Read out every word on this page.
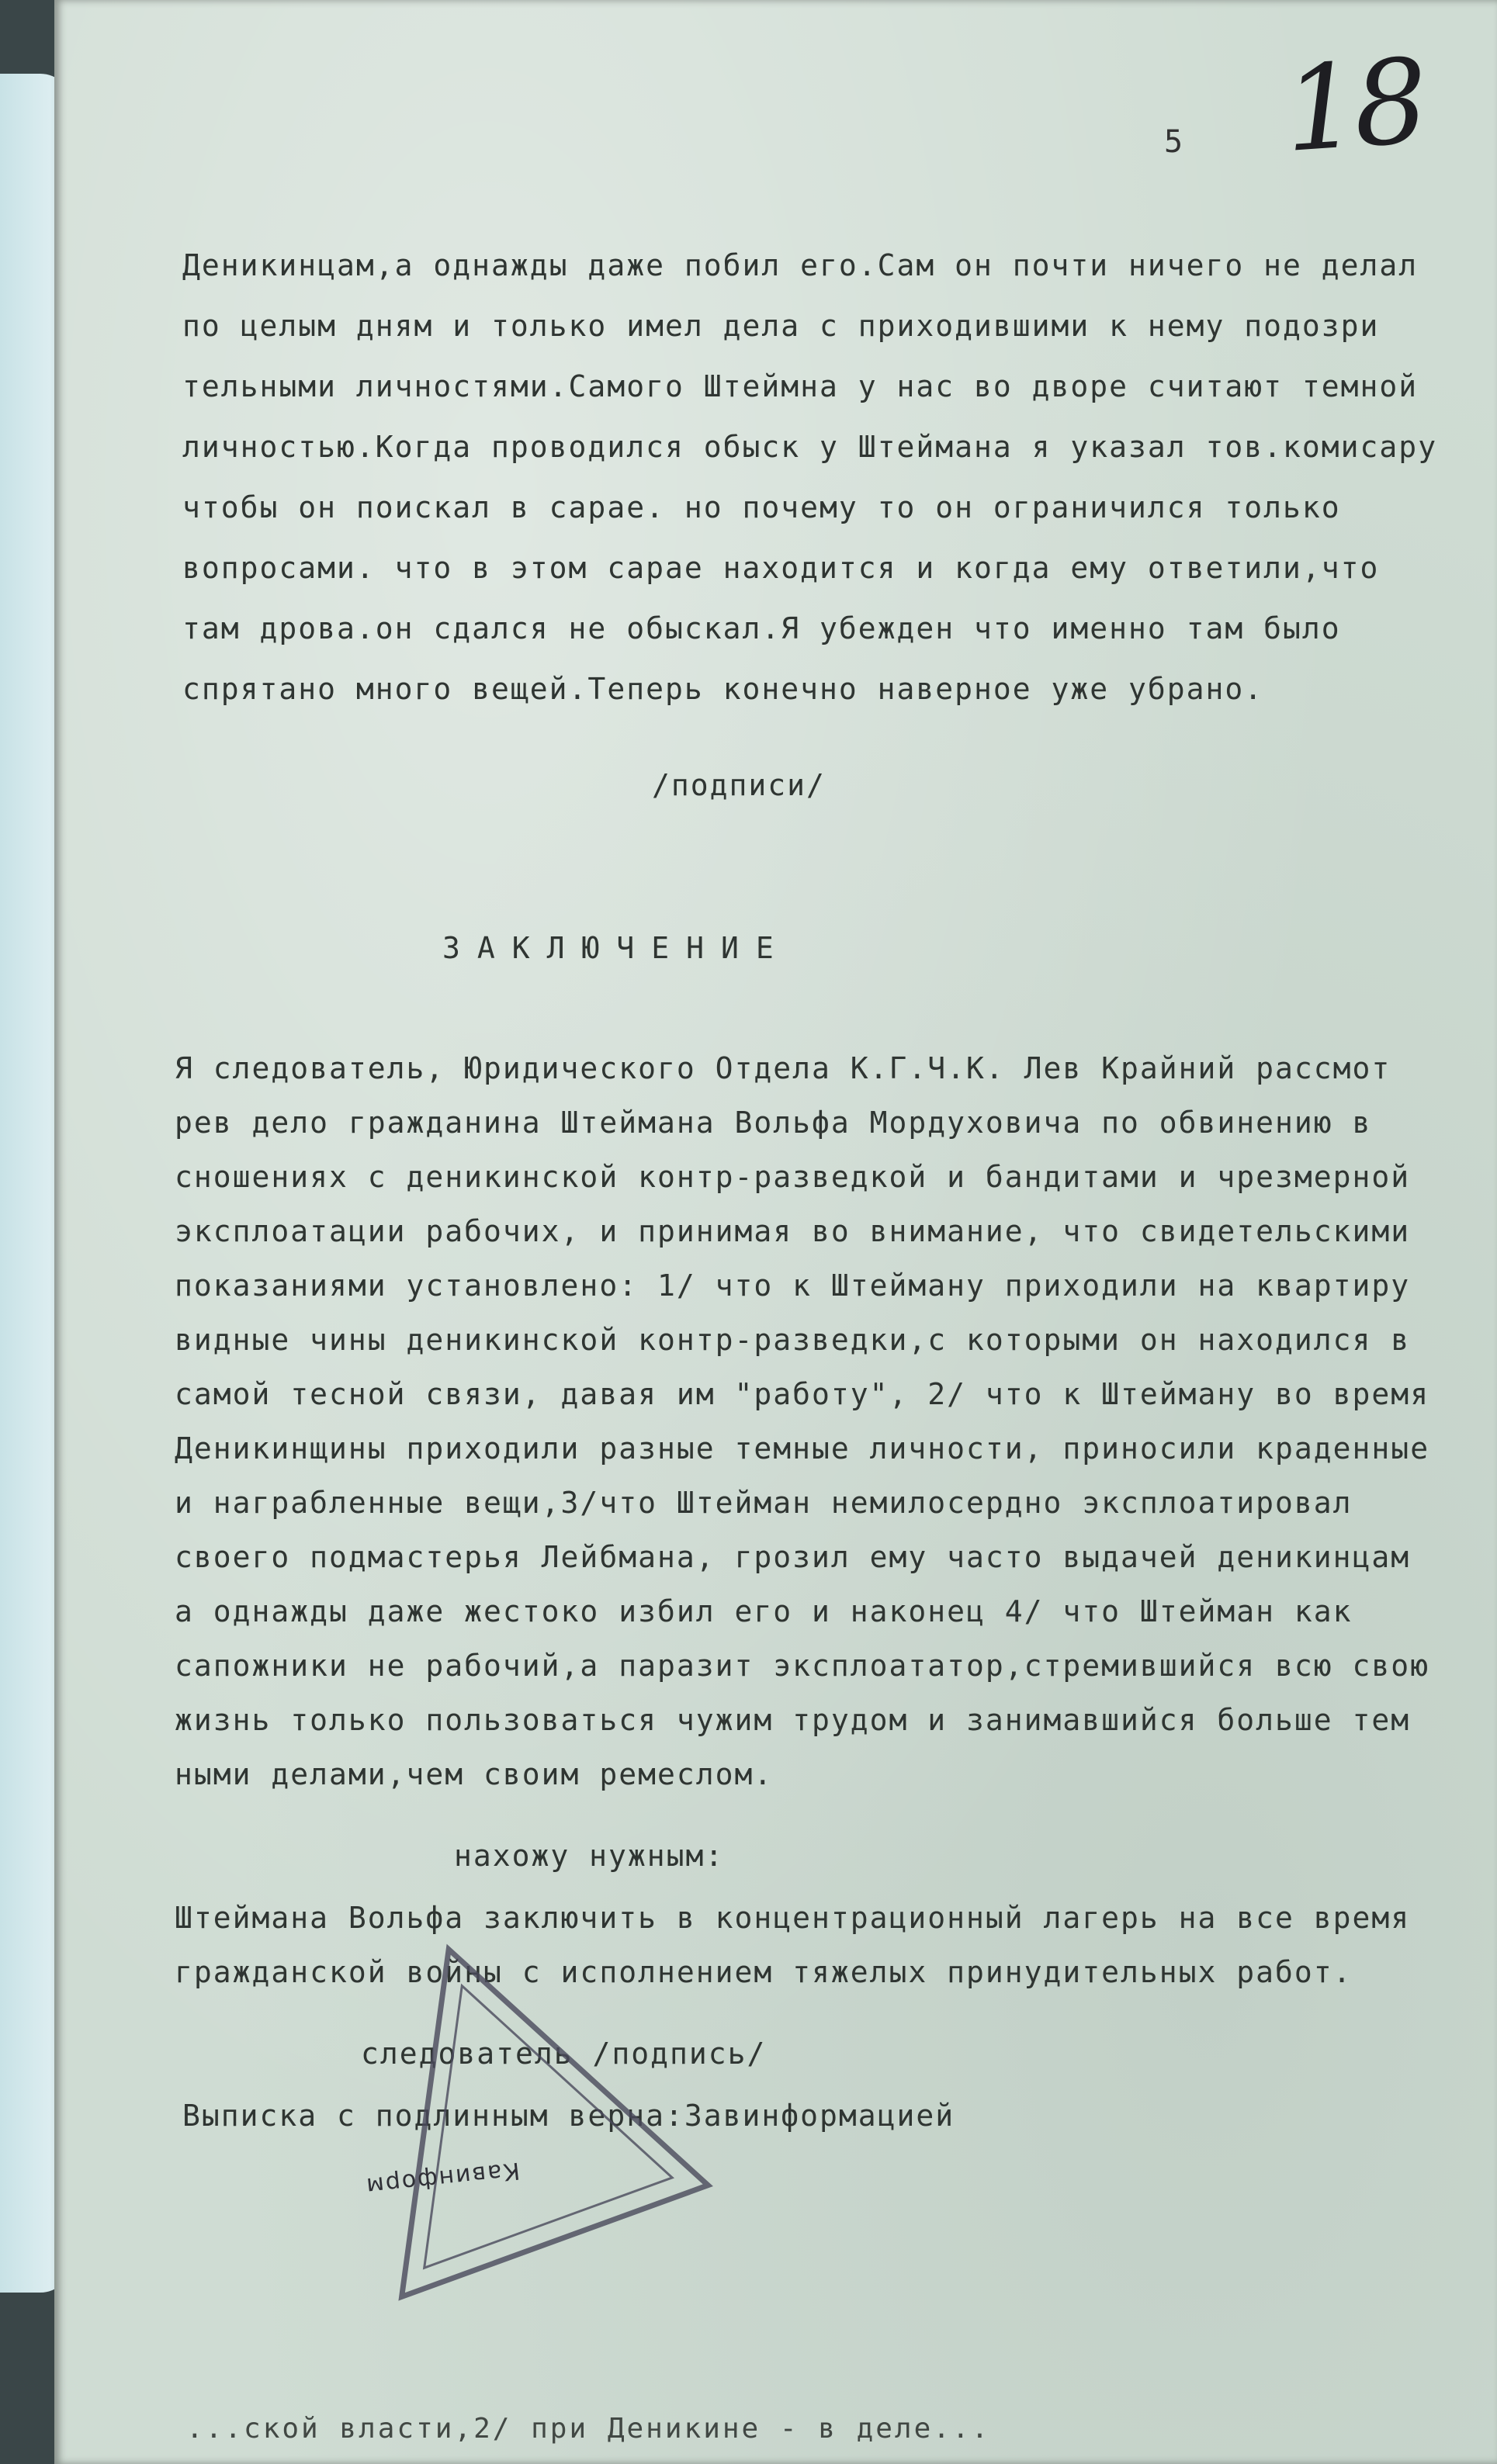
5 18
Деникинцам,а однажды даже побил его.Сам он почти ничего не делал
по целым дням и только имел дела с приходившими к нему подозри
тельными личностями.Самого Штеймна у нас во дворе считают темной
личностью.Когда проводился обыск у Штеймана я указал тов.комисару
чтобы он поискал в сарае. но почему то он ограничился только
вопросами. что в этом сарае находится и когда ему ответили,что
там дрова.он сдался не обыскал.Я убежден что именно там было
спрятано много вещей.Теперь конечно наверное уже убрано.
/подписи/
ЗАКЛЮЧЕНИЕ
Я следователь, Юридического Отдела К.Г.Ч.К. Лев Крайний рассмот
рев дело гражданина Штеймана Вольфа Мордуховича по обвинению в
сношениях с деникинской контр-разведкой и бандитами и чрезмерной
эксплоатации рабочих, и принимая во внимание, что свидетельскими
показаниями установлено: 1/ что к Штейману приходили на квартиру
видные чины деникинской контр-разведки,с которыми он находился в
самой тесной связи, давая им "работу", 2/ что к Штейману во время
Деникинщины приходили разные темные личности, приносили краденные
и награбленные вещи,3/что Штейман немилосердно эксплоатировал
своего подмастерья Лейбмана, грозил ему часто выдачей деникинцам
а однажды даже жестоко избил его и наконец 4/ что Штейман как
сапожники не рабочий,а паразит эксплоататор,стремившийся всю свою
жизнь только пользоваться чужим трудом и занимавшийся больше тем
ными делами,чем своим ремеслом.
нахожу нужным:
Штеймана Вольфа заключить в концентрационный лагерь на все время
гражданской войны с исполнением тяжелых принудительных работ.
следователь /подпись/
Выписка с подлинным верна:Завинформацией
Кавинформ
...ской власти,2/ при Деникине - в деле...
